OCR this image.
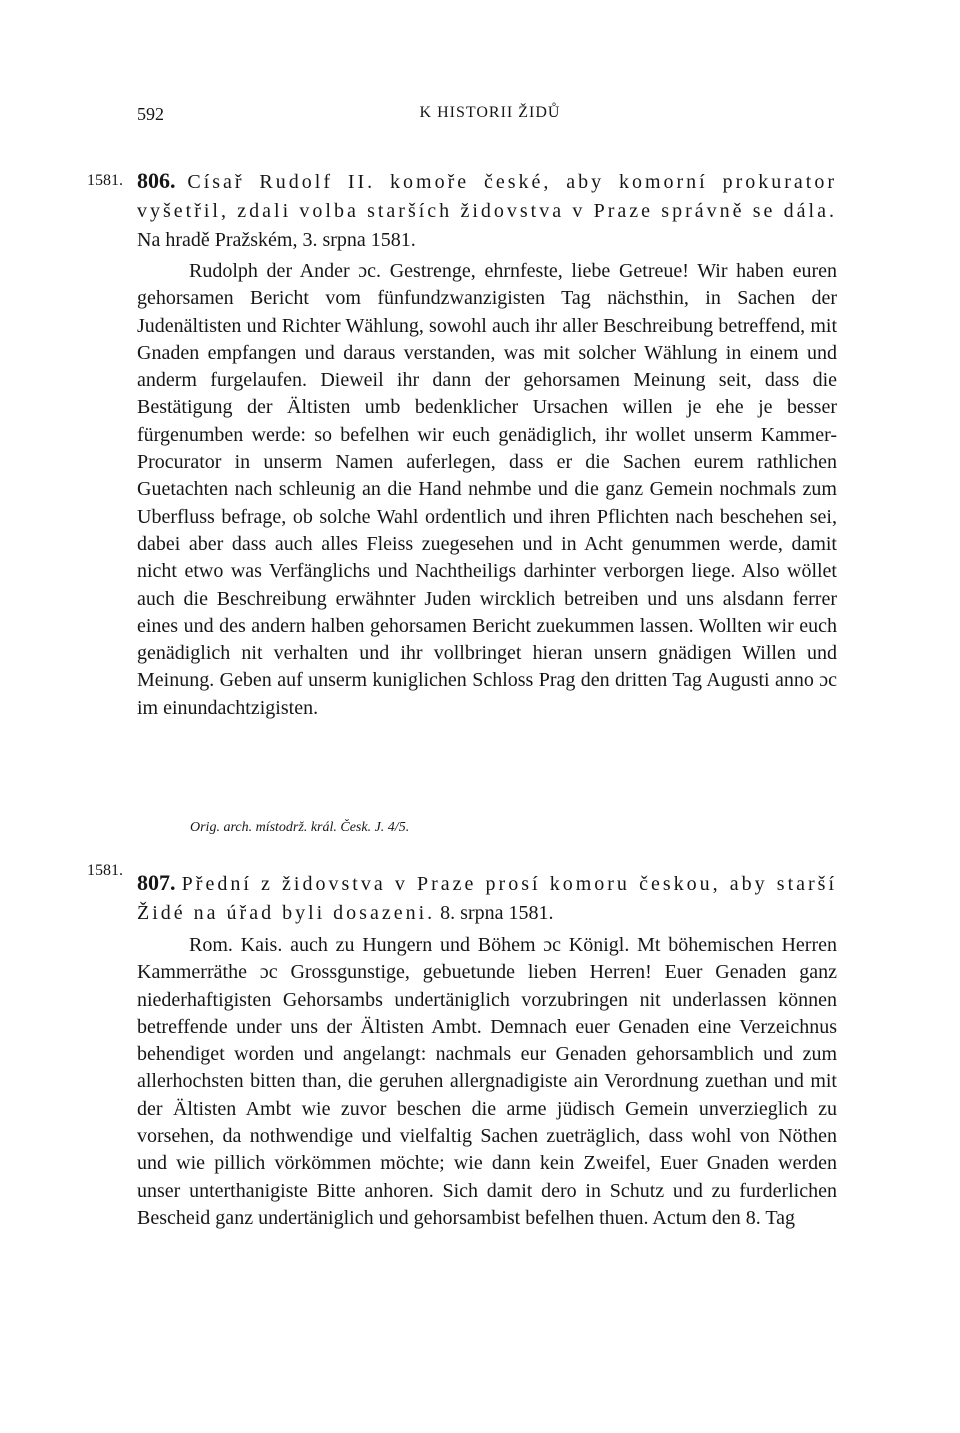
592	K HISTORII ŽIDŮ
1581. 806. Císař Rudolf II. komoře české, aby komorní prokurator vyšetřil, zdali volba starších židovstva v Praze správně se dála. Na hradě Pražském, 3. srpna 1581.

Rudolph der Ander ɔc. Gestrenge, ehrnfeste, liebe Getreue! Wir haben euren gehorsamen Bericht vom fünfundzwanzigisten Tag nächsthin, in Sachen der Judenältisten und Richter Wählung, sowohl auch ihr aller Beschreibung betreffend, mit Gnaden empfangen und daraus verstanden, was mit solcher Wählung in einem und anderm furgelaufen. Dieweil ihr dann der gehorsamen Meinung seit, dass die Bestätigung der Ältisten umb bedenklicher Ursachen willen je ehe je besser fürgenumben werde: so befelhen wir euch genädiglich, ihr wollet unserm Kammer-Procurator in unserm Namen auferlegen, dass er die Sachen eurem rathlichen Guetachten nach schleunig an die Hand nehmbe und die ganz Gemein nochmals zum Uberfluss befrage, ob solche Wahl ordentlich und ihren Pflichten nach beschehen sei, dabei aber dass auch alles Fleiss zuegesehen und in Acht genummen werde, damit nicht etwo was Verfänglichs und Nachtheiligs darhinter verborgen liege. Also wöllet auch die Beschreibung erwähnter Juden wircklich betreiben und uns alsdann ferrer eines und des andern halben gehorsamen Bericht zuekummen lassen. Wollten wir euch genädiglich nit verhalten und ihr vollbringet hieran unsern gnädigen Willen und Meinung. Geben auf unserm kuniglichen Schloss Prag den dritten Tag Augusti anno ɔc im einundachtzigisten.

Orig. arch. místodrž. král. Česk. J. 4/5.
1581. 807. Přední z židovstva v Praze prosí komoru českou, aby starší Židé na úřad byli dosazeni. 8. srpna 1581.

Rom. Kais. auch zu Hungern und Böhem ɔc Königl. Mt böhemischen Herren Kammerräthe ɔc Grossgunstige, gebuetunde lieben Herren! Euer Genaden ganz niederhaftigisten Gehorsambs undertäniglich vorzubringen nit underlassen können betreffende under uns der Ältisten Ambt. Demnach euer Genaden eine Verzeichnus behendiget worden und angelangt: nachmals eur Genaden gehorsamblich und zum allerhochsten bitten than, die geruhen allergnadigiste ain Verordnung zuethan und mit der Ältisten Ambt wie zuvor beschen die arme jüdisch Gemein unverzieglich zu vorsehen, da nothwendige und vielfaltig Sachen zueträglich, dass wohl von Nöthen und wie pillich vörkömmen möchte; wie dann kein Zweifel, Euer Gnaden werden unser unterthanigiste Bitte anhoren. Sich damit dero in Schutz und zu furderlichen Bescheid ganz undertäniglich und gehorsambist befelhen thuen. Actum den 8. Tag
